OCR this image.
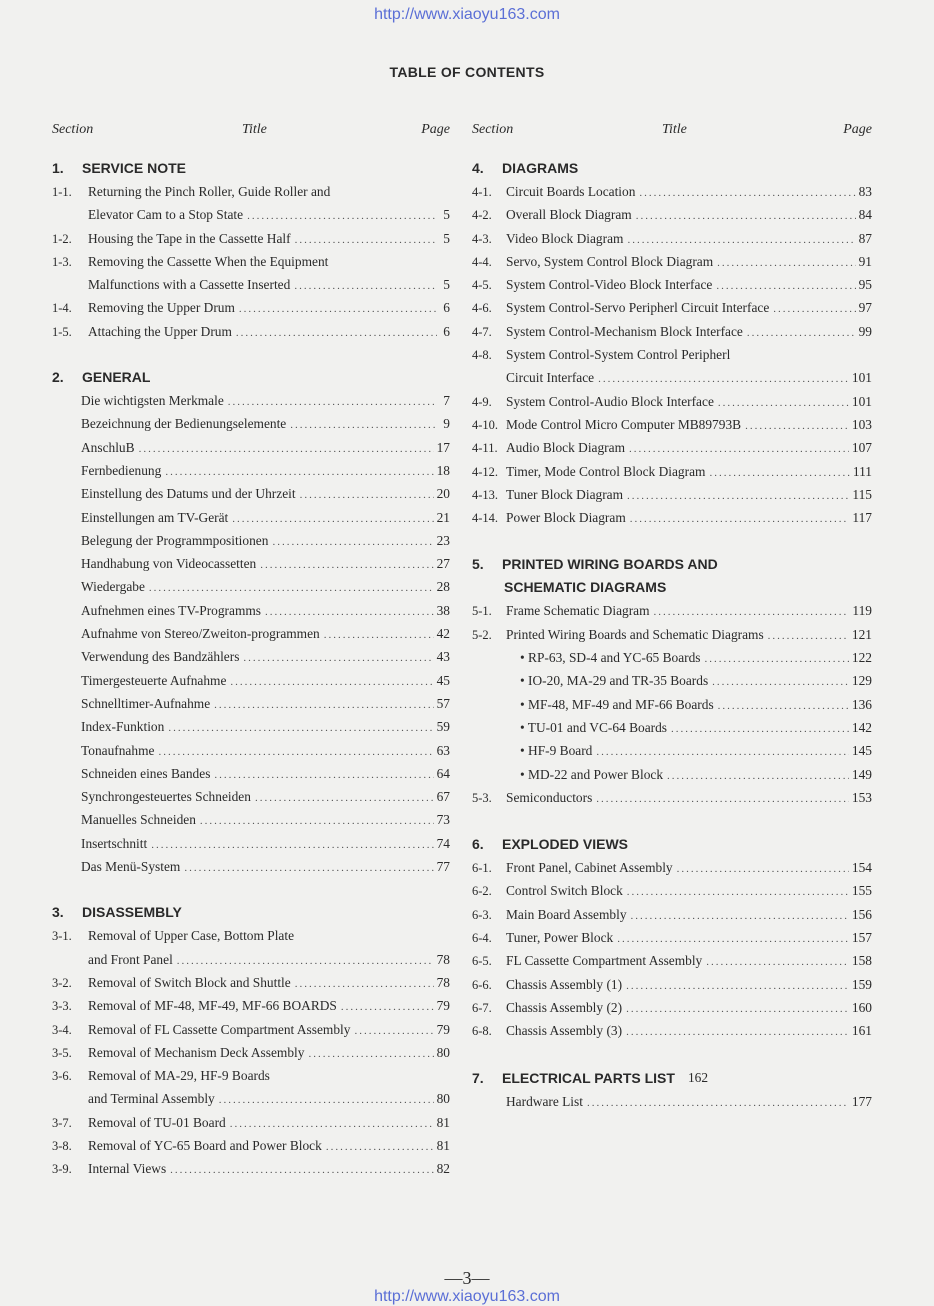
http://www.xiaoyu163.com
TABLE OF CONTENTS
Section	Title	Page
1.	SERVICE NOTE
1-1.	Returning the Pinch Roller, Guide Roller and
Elevator Cam to a Stop State .....	5
1-2.	Housing the Tape in the Cassette Half .....	5
1-3.	Removing the Cassette When the Equipment
Malfunctions with a Cassette Inserted .....	5
1-4.	Removing the Upper Drum .....	6
1-5.	Attaching the Upper Drum .....	6
2.	GENERAL
Die wichtigsten Merkmale .....	7
Bezeichnung der Bedienungselemente .....	9
AnschluB .....	17
Fernbedienung .....	18
Einstellung des Datums und der Uhrzeit .....	20
Einstellungen am TV-Gerät .....	21
Belegung der Programmpositionen .....	23
Handhabung von Videocassetten .....	27
Wiedergabe .....	28
Aufnehmen eines TV-Programms .....	38
Aufnahme von Stereo/Zweiton-programmen .....	42
Verwendung des Bandzählers .....	43
Timergesteuerte Aufnahme .....	45
Schnelltimer-Aufnahme .....	57
Index-Funktion .....	59
Tonaufnahme .....	63
Schneiden eines Bandes .....	64
Synchrongesteuertes Schneiden .....	67
Manuelles Schneiden .....	73
Insertschnitt .....	74
Das Menü-System .....	77
3.	DISASSEMBLY
3-1.	Removal of Upper Case, Bottom Plate
and Front Panel .....	78
3-2.	Removal of Switch Block and Shuttle .....	78
3-3.	Removal of MF-48, MF-49, MF-66 BOARDS .....	79
3-4.	Removal of FL Cassette Compartment Assembly .....	79
3-5.	Removal of Mechanism Deck Assembly .....	80
3-6.	Removal of MA-29, HF-9 Boards
and Terminal Assembly .....	80
3-7.	Removal of TU-01 Board .....	81
3-8.	Removal of YC-65 Board and Power Block .....	81
3-9.	Internal Views .....	82
Section	Title	Page
4.	DIAGRAMS
4-1.	Circuit Boards Location .....	83
4-2.	Overall Block Diagram .....	84
4-3.	Video Block Diagram .....	87
4-4.	Servo, System Control Block Diagram .....	91
4-5.	System Control-Video Block Interface .....	95
4-6.	System Control-Servo Peripherl Circuit Interface .....	97
4-7.	System Control-Mechanism Block Interface .....	99
4-8.	System Control-System Control Peripherl
Circuit Interface .....	101
4-9.	System Control-Audio Block Interface .....	101
4-10. Mode Control Micro Computer MB89793B .....	103
4-11. Audio Block Diagram .....	107
4-12. Timer, Mode Control Block Diagram .....	111
4-13. Tuner Block Diagram .....	115
4-14. Power Block Diagram .....	117
5.	PRINTED WIRING BOARDS AND
SCHEMATIC DIAGRAMS
5-1.	Frame Schematic Diagram .....	119
5-2.	Printed Wiring Boards and Schematic Diagrams .....	121
• RP-63, SD-4 and YC-65 Boards .....	122
• IO-20, MA-29 and TR-35 Boards .....	129
• MF-48, MF-49 and MF-66 Boards .....	136
• TU-01 and VC-64 Boards .....	142
• HF-9 Board .....	145
• MD-22 and Power Block .....	149
5-3.	Semiconductors .....	153
6.	EXPLODED VIEWS
6-1.	Front Panel, Cabinet Assembly .....	154
6-2.	Control Switch Block .....	155
6-3.	Main Board Assembly .....	156
6-4.	Tuner, Power Block .....	157
6-5.	FL Cassette Compartment Assembly .....	158
6-6.	Chassis Assembly (1) .....	159
6-7.	Chassis Assembly (2) .....	160
6-8.	Chassis Assembly (3) .....	161
7.	ELECTRICAL PARTS LIST 162
Hardware List .....	177
—3—
http://www.xiaoyu163.com
